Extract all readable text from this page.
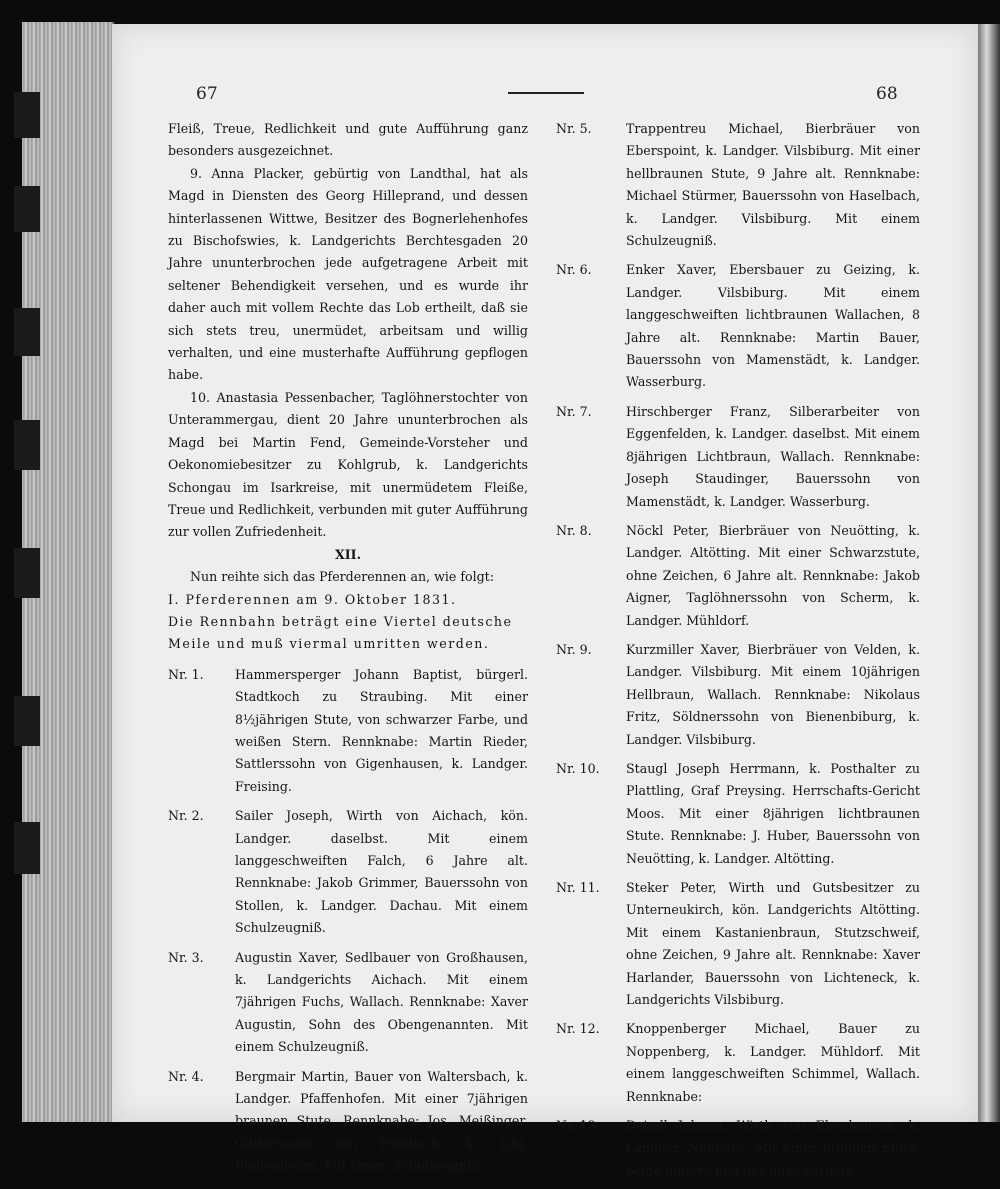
67	68

Fleiß, Treue, Redlichkeit und gute Aufführung ganz besonders ausgezeichnet.

9. Anna Placker, gebürtig von Landthal, hat als Magd in Diensten des Georg Hilleprand, und dessen hinterlassenen Wittwe, Besitzer des Bognerlehenhofes zu Bischofswies, k. Landgerichts Berchtesgaden 20 Jahre ununterbrochen jede aufgetragene Arbeit mit seltener Behendigkeit versehen, und es wurde ihr daher auch mit vollem Rechte das Lob ertheilt, daß sie sich stets treu, unermüdet, arbeitsam und willig verhalten, und eine musterhafte Aufführung gepflogen habe.

10. Anastasia Pessenbacher, Taglöhnerstochter von Unterammergau, dient 20 Jahre ununterbrochen als Magd bei Martin Fend, Gemeinde-Vorsteher und Oekonomiebesitzer zu Kohlgrub, k. Landgerichts Schongau im Isarkreise, mit unermüdetem Fleiße, Treue und Redlichkeit, verbunden mit guter Aufführung zur vollen Zufriedenheit.

XII.

Nun reihte sich das Pferderennen an, wie folgt:

I. Pferderennen am 9. Oktober 1831.

Die Rennbahn beträgt eine Viertel deutsche Meile und muß viermal umritten werden.

Nr. 1.	Hammersperger Johann Baptist, bürgerl. Stadtkoch zu Straubing. Mit einer 8½jährigen Stute, von schwarzer Farbe, und weißen Stern. Rennknabe: Martin Rieder, Sattlerssohn von Gigenhausen, k. Landger. Freising.
Nr. 2.	Sailer Joseph, Wirth von Aichach, kön. Landger. daselbst. Mit einem langgeschweiften Falch, 6 Jahre alt. Rennknabe: Jakob Grimmer, Bauerssohn von Stollen, k. Landger. Dachau. Mit einem Schulzeugniß.
Nr. 3.	Augustin Xaver, Sedlbauer von Großhausen, k. Landgerichts Aichach. Mit einem 7jährigen Fuchs, Wallach. Rennknabe: Xaver Augustin, Sohn des Obengenannten. Mit einem Schulzeugniß.
Nr. 4.	Bergmair Martin, Bauer von Waltersbach, k. Landger. Pfaffenhofen. Mit einer 7jährigen braunen Stute. Rennknabe: Jos. Meißinger, Gütlerssohn von Pörnbach, k. Ldg. Pfaffenhofen. Mit einem Schulzeugniß.
Nr. 5.	Trappentreu Michael, Bierbräuer von Eberspoint, k. Landger. Vilsbiburg. Mit einer hellbraunen Stute, 9 Jahre alt. Rennknabe: Michael Stürmer, Bauerssohn von Haselbach, k. Landger. Vilsbiburg. Mit einem Schulzeugniß.
Nr. 6.	Enker Xaver, Ebersbauer zu Geizing, k. Landger. Vilsbiburg. Mit einem langgeschweiften lichtbraunen Wallachen, 8 Jahre alt. Rennknabe: Martin Bauer, Bauerssohn von Mamenstädt, k. Landger. Wasserburg.
Nr. 7.	Hirschberger Franz, Silberarbeiter von Eggenfelden, k. Landger. daselbst. Mit einem 8jährigen Lichtbraun, Wallach. Rennknabe: Joseph Staudinger, Bauerssohn von Mamenstädt, k. Landger. Wasserburg.
Nr. 8.	Nöckl Peter, Bierbräuer von Neuötting, k. Landger. Altötting. Mit einer Schwarzstute, ohne Zeichen, 6 Jahre alt. Rennknabe: Jakob Aigner, Taglöhnerssohn von Scherm, k. Landger. Mühldorf.
Nr. 9.	Kurzmiller Xaver, Bierbräuer von Velden, k. Landger. Vilsbiburg. Mit einem 10jährigen Hellbraun, Wallach. Rennknabe: Nikolaus Fritz, Söldnerssohn von Bienenbiburg, k. Landger. Vilsbiburg.
Nr. 10.	Staugl Joseph Herrmann, k. Posthalter zu Plattling, Graf Preysing. Herrschafts-Gericht Moos. Mit einer 8jährigen lichtbraunen Stute. Rennknabe: J. Huber, Bauerssohn von Neuötting, k. Landger. Altötting.
Nr. 11.	Steker Peter, Wirth und Gutsbesitzer zu Unterneukirch, kön. Landgerichts Altötting. Mit einem Kastanienbraun, Stutzschweif, ohne Zeichen, 9 Jahre alt. Rennknabe: Xaver Harlander, Bauerssohn von Lichteneck, k. Landgerichts Vilsbiburg.
Nr. 12.	Knoppenberger Michael, Bauer zu Noppenberg, k. Landger. Mühldorf. Mit einem langgeschweiften Schimmel, Wallach. Rennknabe:
Nr. 13.	Deindl Johann, Wirth von Ebenhausen, k. Landger. Neuburg. Mit einer braunen Stute, beide hintere und der linke vordere
